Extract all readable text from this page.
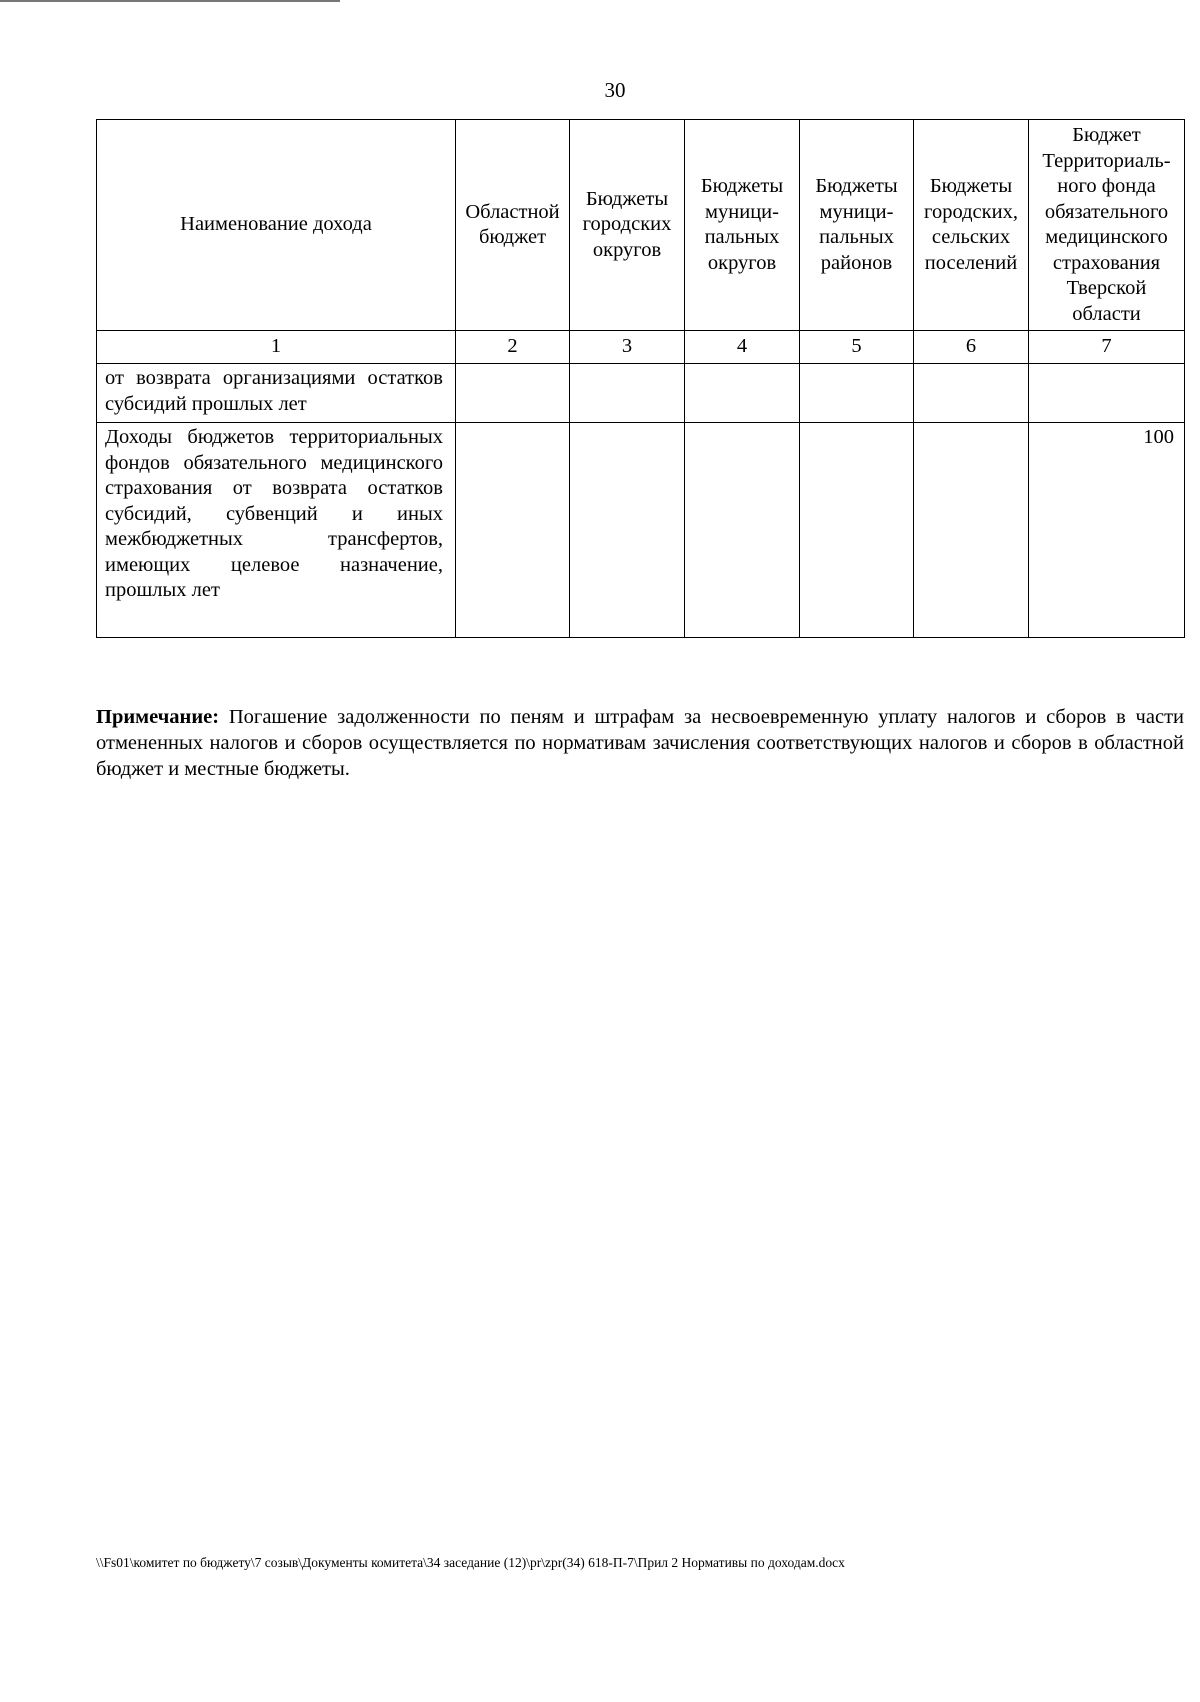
30
Наименование дохода	Областной бюджет	Бюджеты городских округов	Бюджеты муници-пальных округов	Бюджеты муници-пальных районов	Бюджеты городских, сельских поселений	Бюджет Территориаль-ного фонда обязательного медицинского страхования Тверской области
1	2	3	4	5	6	7
от возврата организациями остатков субсидий прошлых лет						
Доходы бюджетов территориальных фондов обязательного медицинского страхования от возврата остатков субсидий, субвенций и иных межбюджетных трансфертов, имеющих целевое назначение, прошлых лет						100

Примечание: Погашение задолженности по пеням и штрафам за несвоевременную уплату налогов и сборов в части отмененных налогов и сборов осуществляется по нормативам зачисления соответствующих налогов и сборов в областной бюджет и местные бюджеты.

\\Fs01\комитет по бюджету\7 созыв\Документы комитета\34 заседание (12)\pr\zpr(34) 618-П-7\Прил 2 Нормативы по доходам.docx
